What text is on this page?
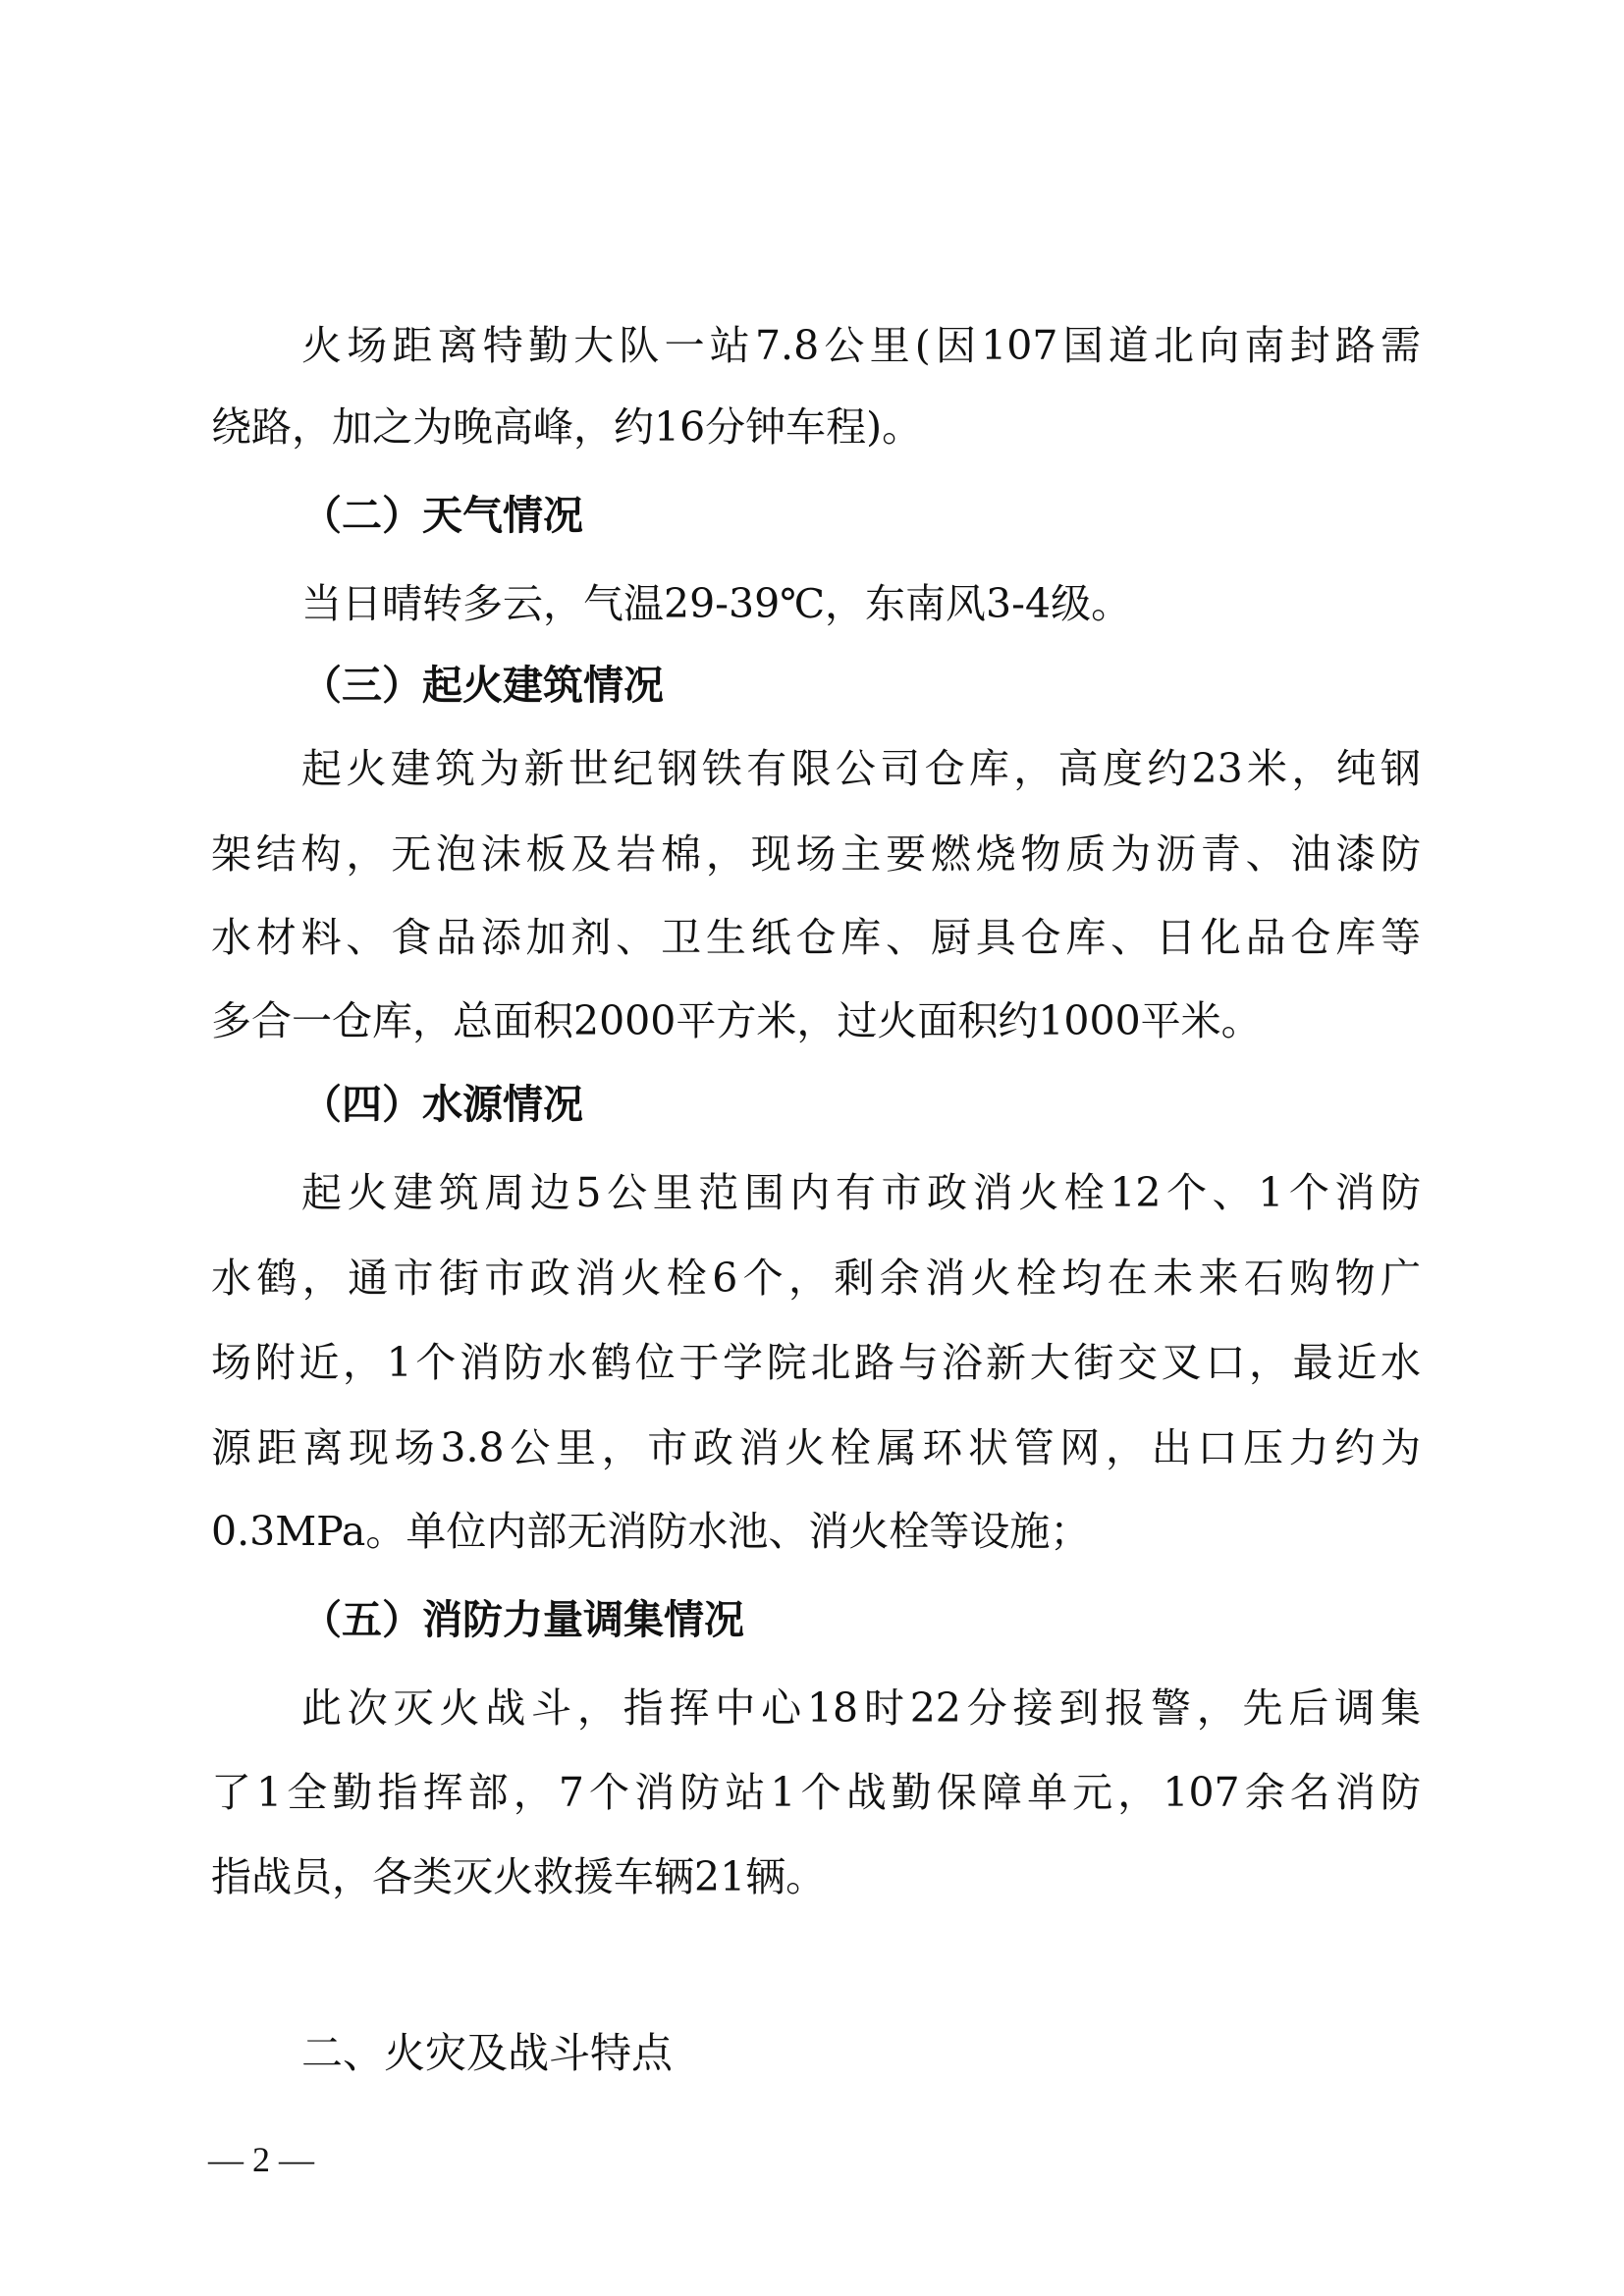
火场距离特勤大队一站7.8公里(因107国道北向南封路需
绕路，加之为晚高峰，约16分钟车程)。
（二）天气情况
当日晴转多云，气温29-39℃，东南风3-4级。
（三）起火建筑情况
起火建筑为新世纪钢铁有限公司仓库，高度约23米，纯钢
架结构，无泡沫板及岩棉，现场主要燃烧物质为沥青、油漆防
水材料、食品添加剂、卫生纸仓库、厨具仓库、日化品仓库等
多合一仓库，总面积2000平方米，过火面积约1000平米。
（四）水源情况
起火建筑周边5公里范围内有市政消火栓12个、1个消防
水鹤，通市街市政消火栓6个，剩余消火栓均在未来石购物广
场附近，1个消防水鹤位于学院北路与浴新大街交叉口，最近水
源距离现场3.8公里，市政消火栓属环状管网，出口压力约为
0.3MPa。单位内部无消防水池、消火栓等设施；
（五）消防力量调集情况
此次灭火战斗，指挥中心18时22分接到报警，先后调集
了1全勤指挥部，7个消防站1个战勤保障单元，107余名消防
指战员，各类灭火救援车辆21辆。
二、火灾及战斗特点
— 2 —
